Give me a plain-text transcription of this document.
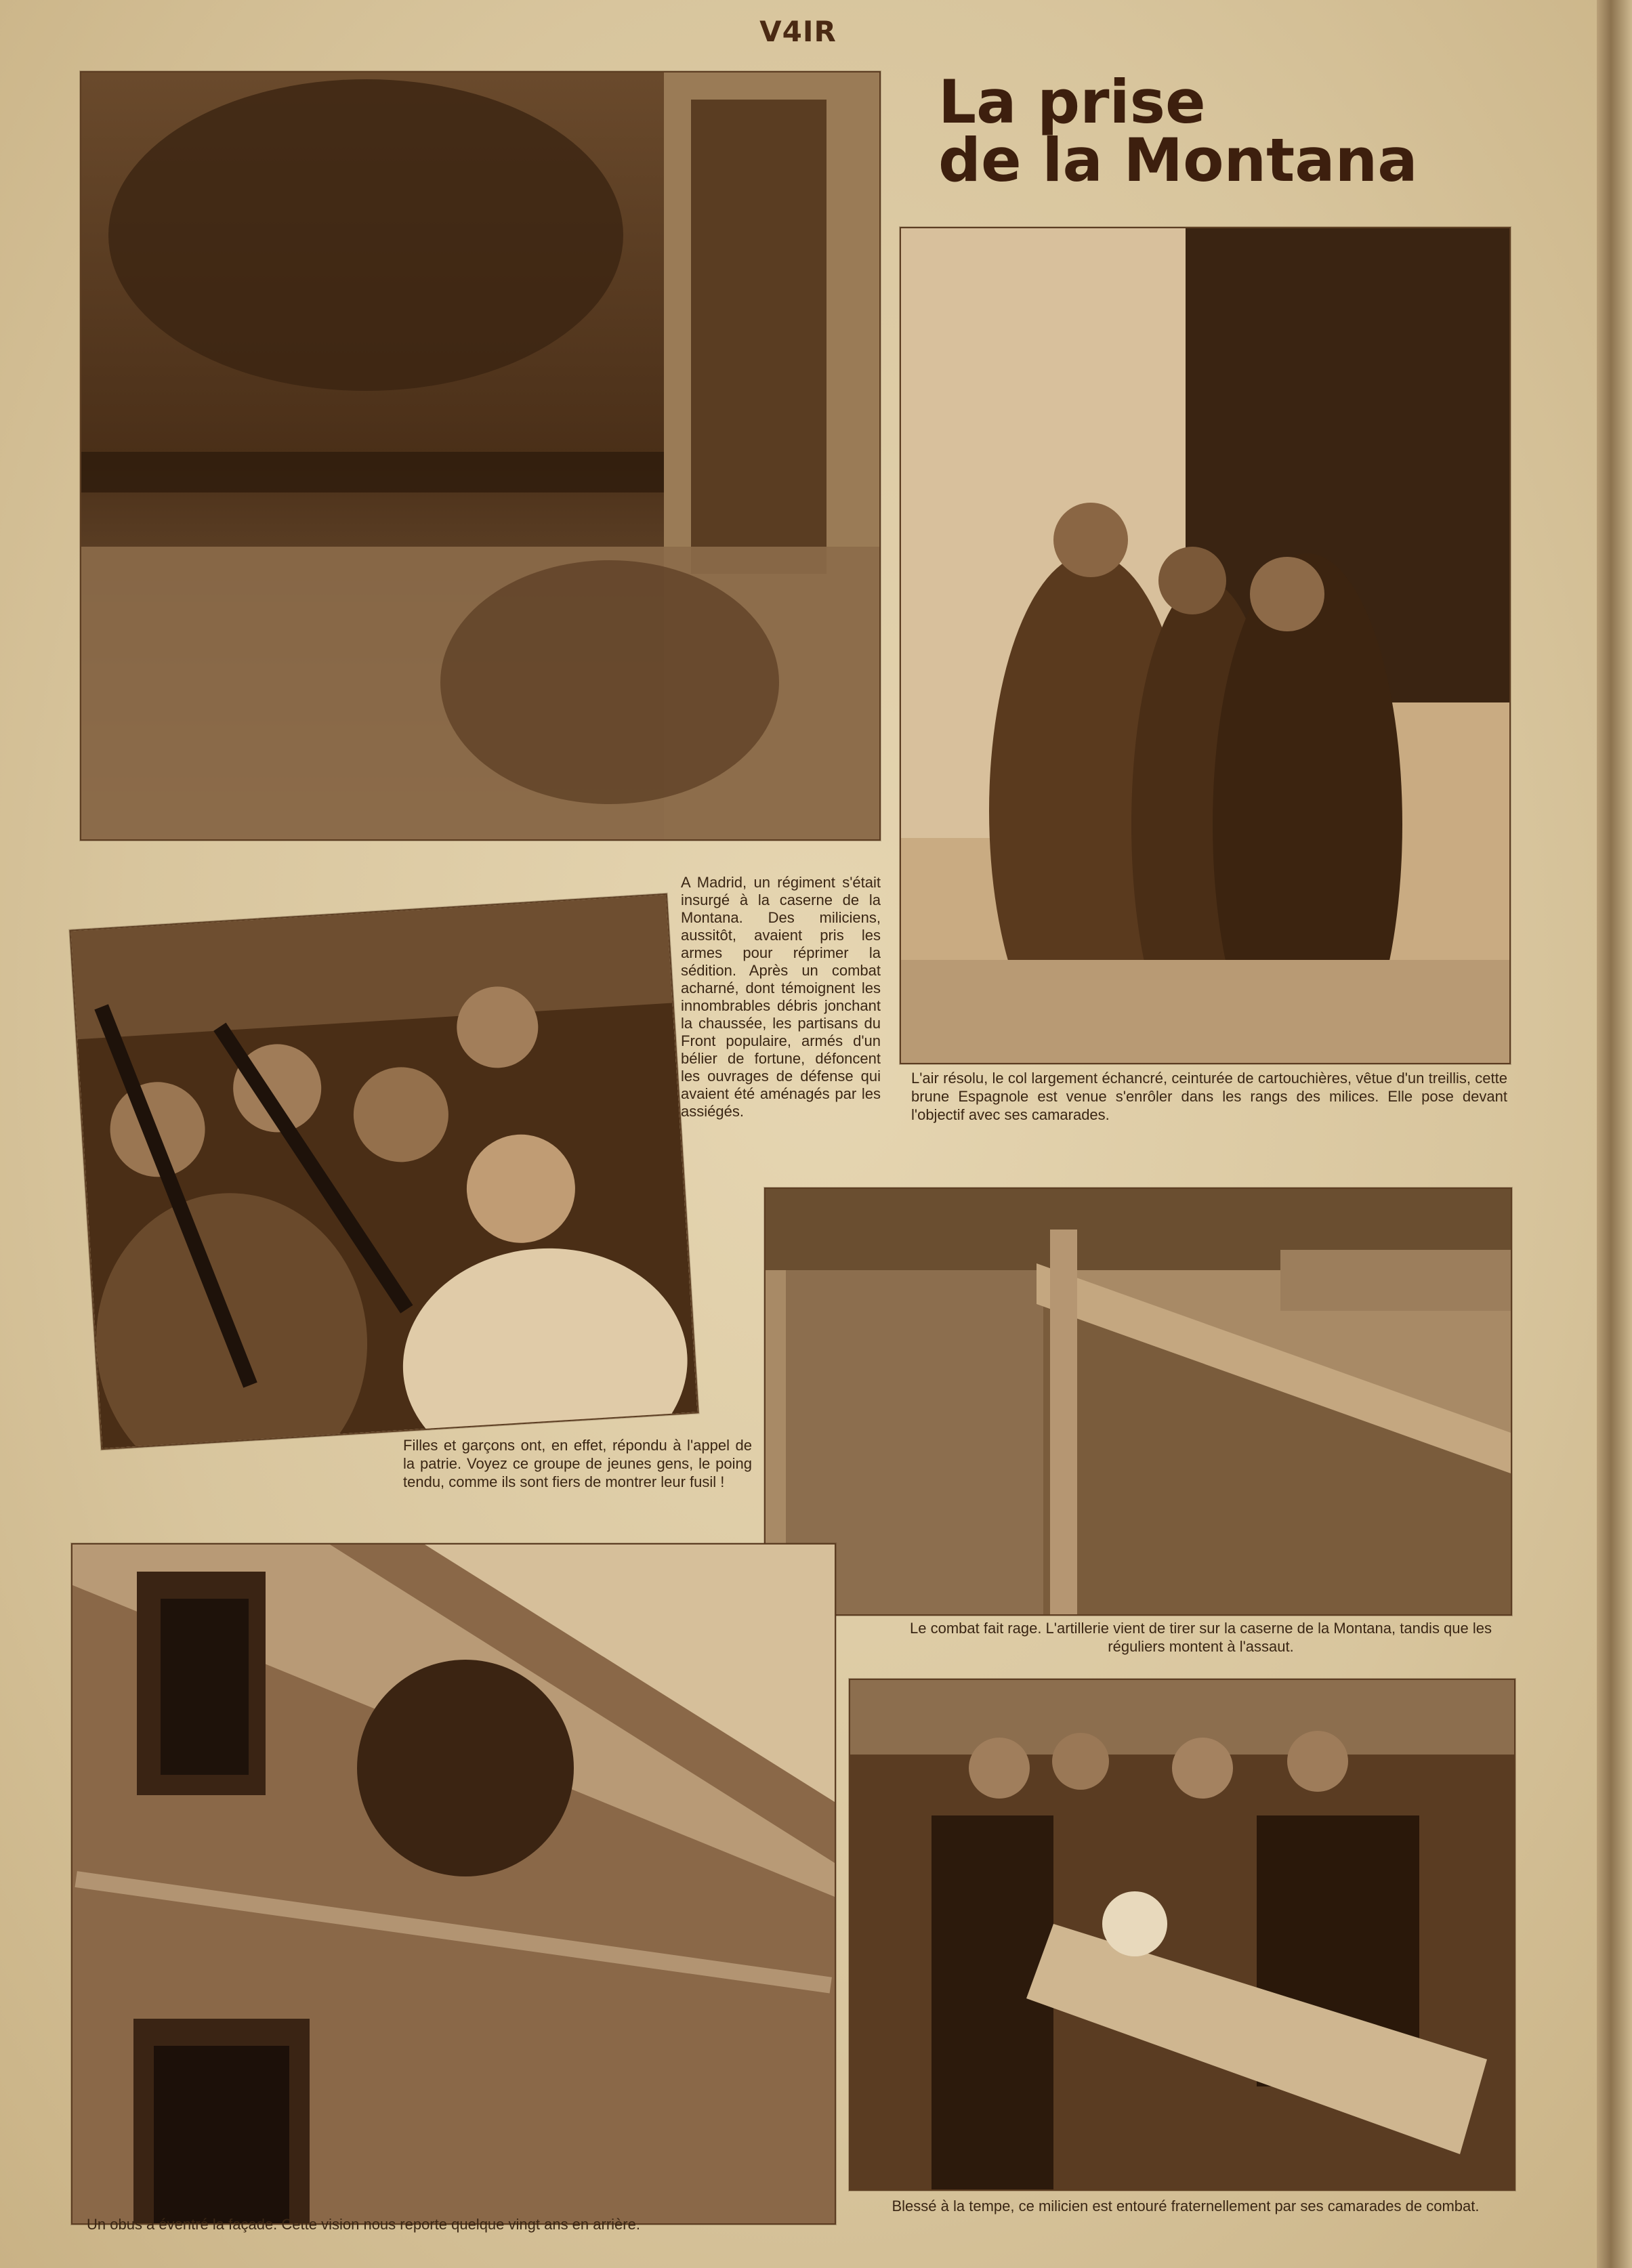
V4IR
La prise
de la Montana
A Madrid, un régiment s'était insurgé à la caserne de la Montana. Des miliciens, aussitôt, avaient pris les armes pour réprimer la sédition. Après un combat acharné, dont témoignent les innombrables débris jonchant la chaussée, les partisans du Front populaire, armés d'un bélier de fortune, défoncent les ouvrages de défense qui avaient été aménagés par les assiégés.
L'air résolu, le col largement échancré, ceinturée de cartouchières, vêtue d'un treillis, cette brune Espagnole est venue s'enrôler dans les rangs des milices. Elle pose devant l'objectif avec ses camarades.
Filles et garçons ont, en effet, répondu à l'appel de la patrie. Voyez ce groupe de jeunes gens, le poing tendu, comme ils sont fiers de montrer leur fusil !
Le combat fait rage. L'artillerie vient de tirer sur la caserne de la Montana, tandis que les réguliers montent à l'assaut.
Un obus a éventré la façade. Cette vision nous reporte quelque vingt ans en arrière.
Blessé à la tempe, ce milicien est entouré fraternellement par ses camarades de combat.
